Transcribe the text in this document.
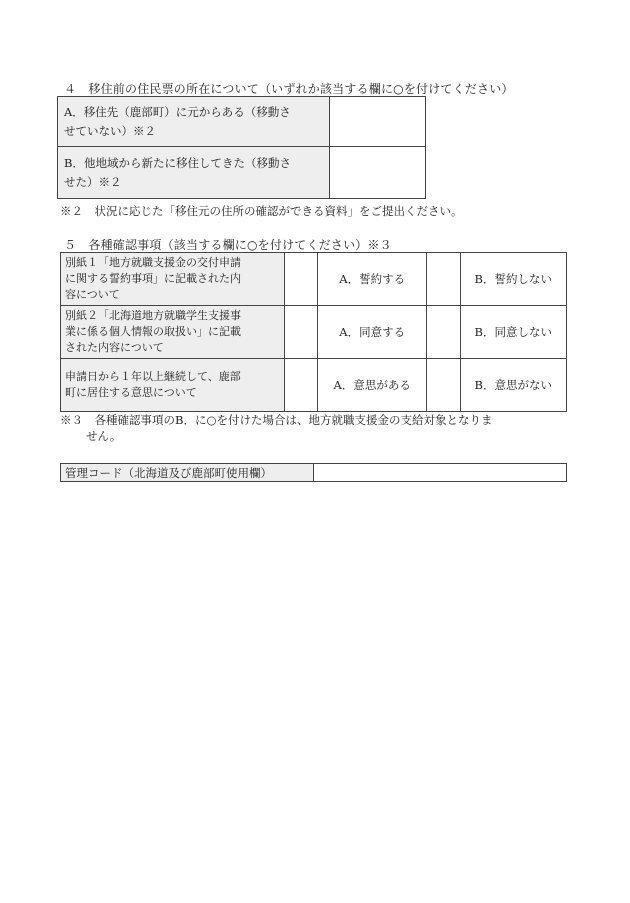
４　移住前の住民票の所在について（いずれか該当する欄に○を付けてください）
A．移住先（鹿部町）に元からある（移動さ
せていない）※２	

B．他地域から新たに移住してきた（移動さ
せた）※２	

※２　状況に応じた「移住元の住所の確認ができる資料」をご提出ください。
５　各種確認事項（該当する欄に○を付けてください）※３
別紙１「地方就職支援金の交付申請
に関する誓約事項」に記載された内
容について		A．誓約する		B．誓約しない

別紙２「北海道地方就職学生支援事
業に係る個人情報の取扱い」に記載
された内容について		A．同意する		B．同意しない

申請日から１年以上継続して、鹿部
町に居住する意思について		A．意思がある		B．意思がない
※３　各種確認事項のB．に○を付けた場合は、地方就職支援金の支給対象となりま
せん。
管理コード（北海道及び鹿部町使用欄）	
